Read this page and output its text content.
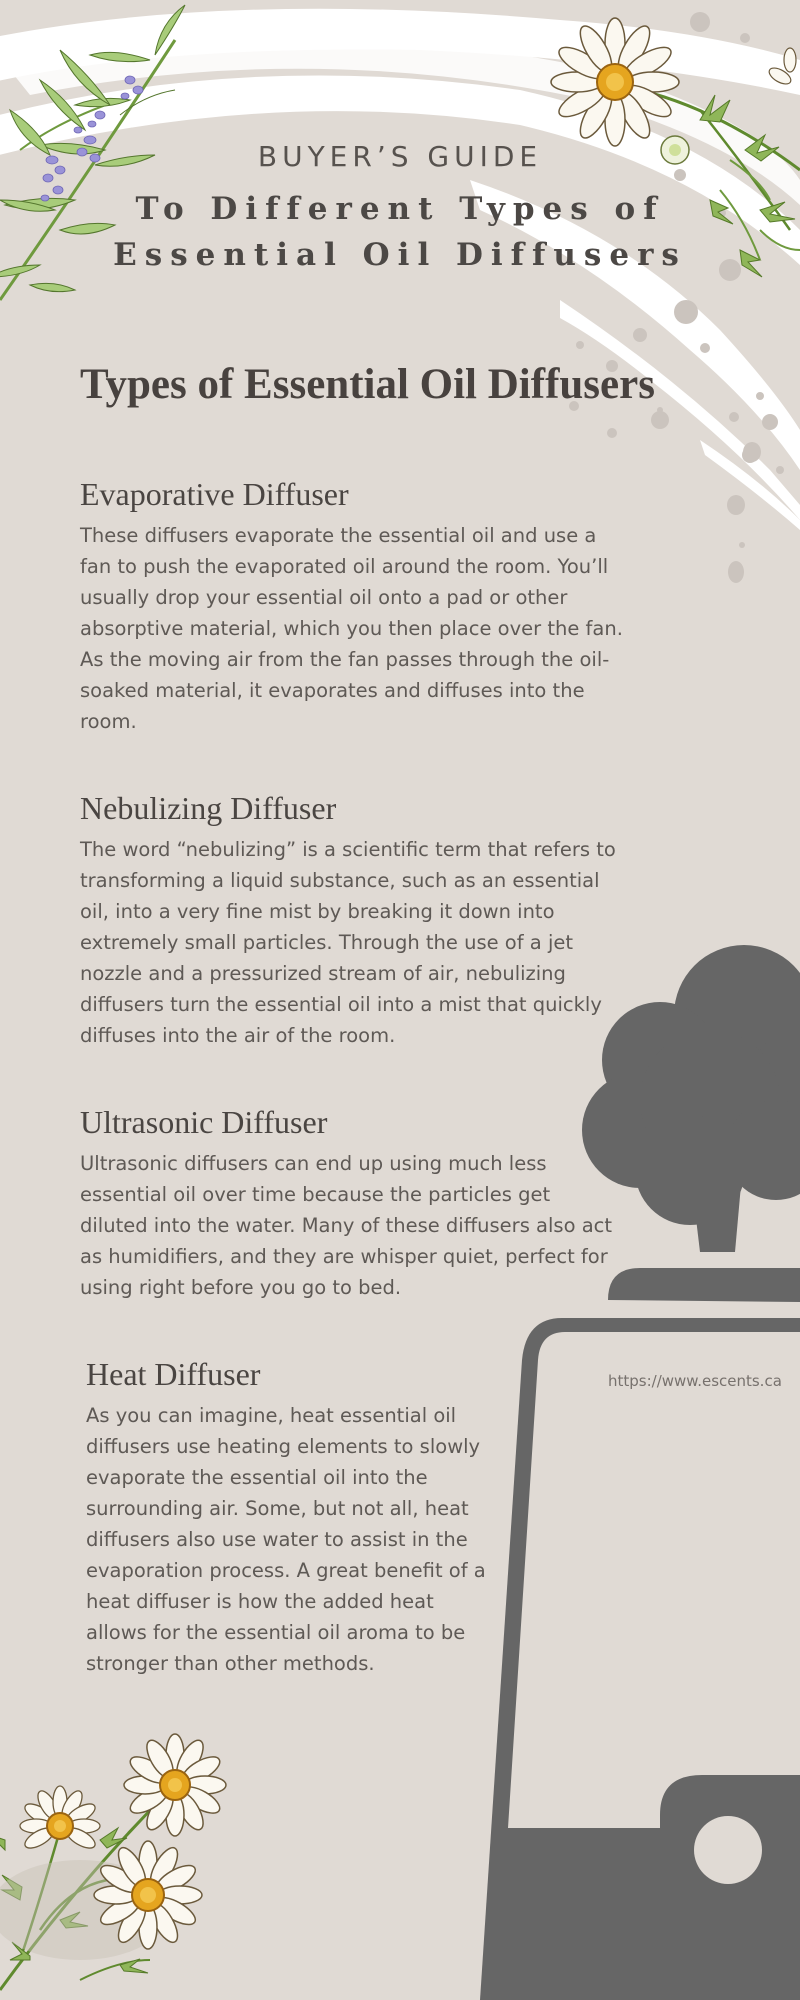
BUYER’S GUIDE
To Different Types of
Essential Oil Diffusers
Types of Essential Oil Diffusers
Evaporative Diffuser

These diffusers evaporate the essential oil and use a fan to push the evaporated oil around the room. You’ll usually drop your essential oil onto a pad or other absorptive material, which you then place over the fan. As the moving air from the fan passes through the oil-soaked material, it evaporates and diffuses into the room.

Nebulizing Diffuser

The word “nebulizing” is a scientific term that refers to transforming a liquid substance, such as an essential oil, into a very fine mist by breaking it down into extremely small particles. Through the use of a jet nozzle and a pressurized stream of air, nebulizing diffusers turn the essential oil into a mist that quickly diffuses into the air of the room.

Ultrasonic Diffuser

Ultrasonic diffusers can end up using much less essential oil over time because the particles get diluted into the water. Many of these diffusers also act as humidifiers, and they are whisper quiet, perfect for using right before you go to bed.

Heat Diffuser

As you can imagine, heat essential oil diffusers use heating elements to slowly evaporate the essential oil into the surrounding air. Some, but not all, heat diffusers also use water to assist in the evaporation process. A great benefit of a heat diffuser is how the added heat allows for the essential oil aroma to be stronger than other methods.

https://www.escents.ca
